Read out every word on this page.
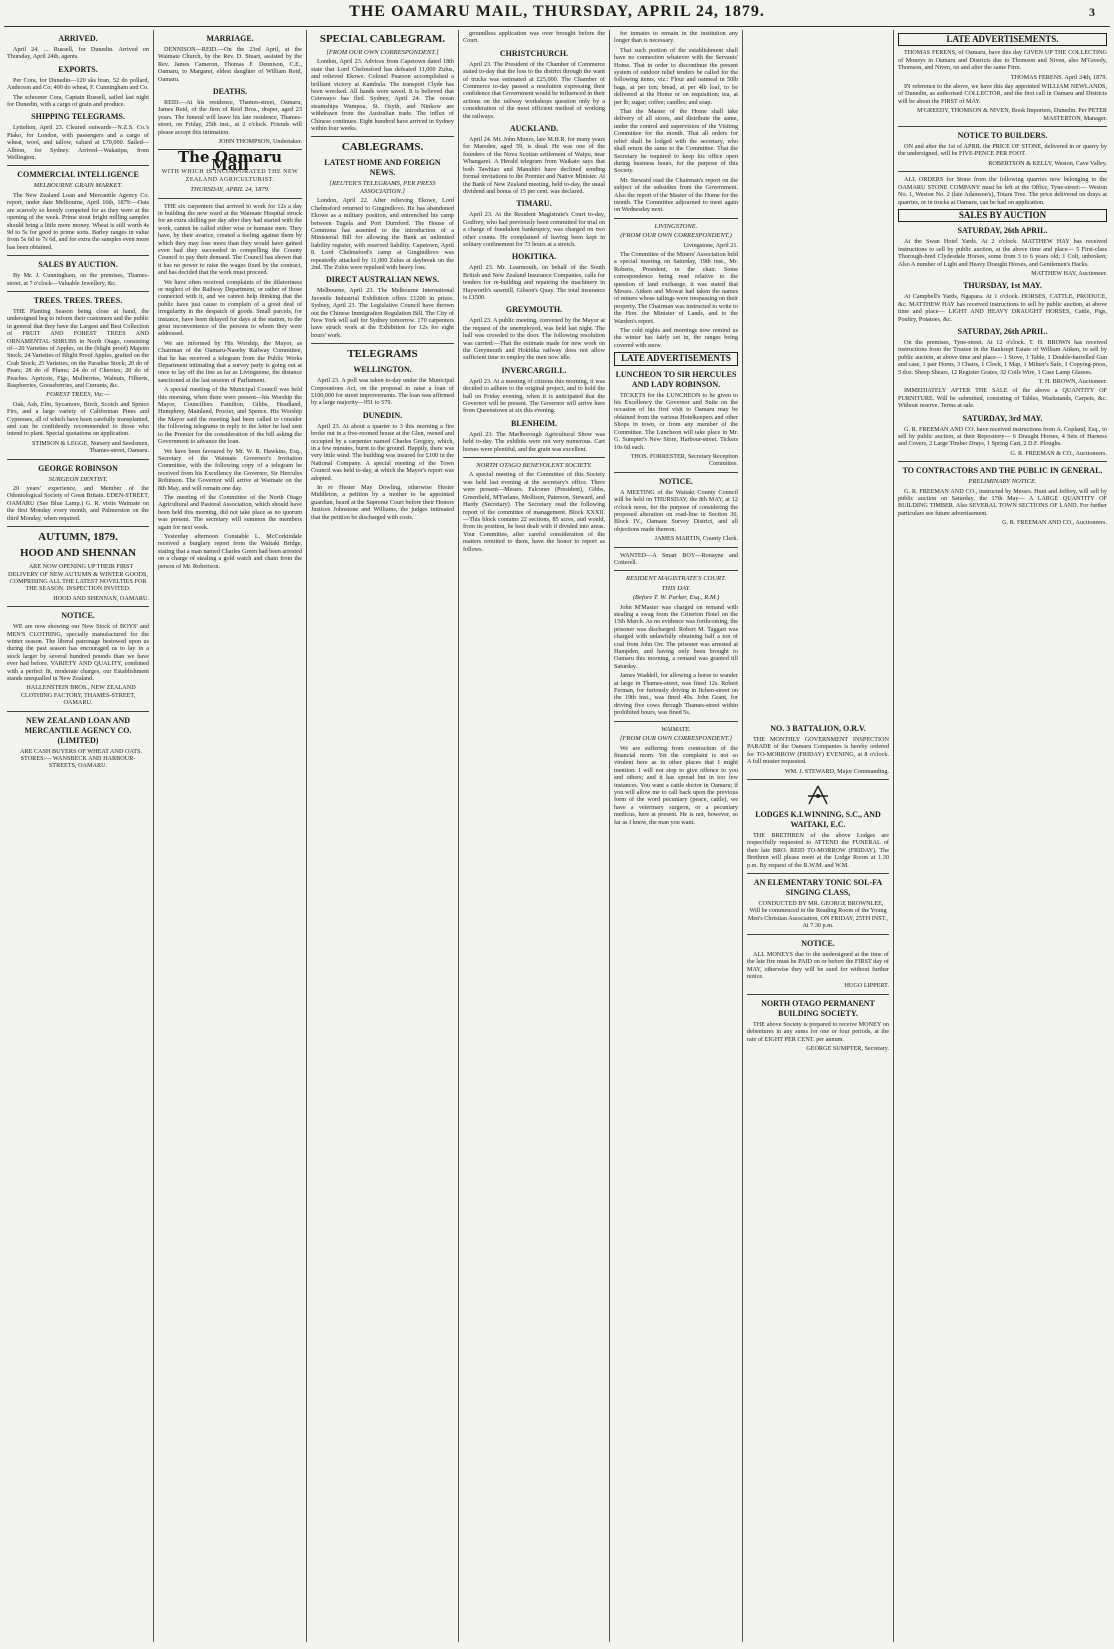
THE OAMARU MAIL, THURSDAY, APRIL 24, 1879.	3
ARRIVED.

April 24. ... Russell, for Dunedin. Arrived on Thursday, April 24th, agents.

EXPORTS.

Per Cora, for Dunedin—120 sks bran, 52 do pollard, Anderson and Co; 400 do wheat, F. Cunningham and Co.

The schooner Cora, Captain Russell, sailed last night for Dunedin, with a cargo of grain and produce.

SHIPPING TELEGRAMS.

Lyttelton, April 23. Cleared outwards—N.Z.S. Co.'s Piako, for London, with passengers and a cargo of wheat, wool, and tallow, valued at £70,000. Sailed—Albion, for Sydney. Arrived—Wakatipu, from Wellington.

COMMERCIAL INTELLIGENCE
MELBOURNE GRAIN MARKET.

The New Zealand Loan and Mercantile Agency Co. report, under date Melbourne, April 16th, 1879:—Oats are scarcely so keenly competed for as they were at the opening of the week. Prime stout bright milling samples should bring a little more money. Wheat is still worth 4s 9d to 5s for good to prime sorts. Barley ranges in value from 5s 6d to 7s 6d, and for extra the samples even more has been obtained.

SALES BY AUCTION.

By Mr. J. Cunningham, on the premises, Thames-street, at 7 o'clock—Valuable Jewellery, &c.

TREES. TREES. TREES.

THE Planting Season being close at hand, the undersigned beg to inform their customers and the public in general that they have the Largest and Best Collection of FRUIT AND FOREST TREES AND ORNAMENTAL SHRUBS in North Otago, consisting of—20 Varieties of Apples, on the (blight proof) Majetin Stock; 24 Varieties of Blight Proof Apples, grafted on the Crab Stock; 25 Varieties, on the Paradise Stock; 20 do of Pears; 28 do of Plums; 24 do of Cherries; 20 do of Peaches. Apricots, Figs, Mulberries, Walnuts, Filberts, Raspberries, Gooseberries, and Currants, &c.

FOREST TREES, Viz:—

Oak, Ash, Elm, Sycamore, Birch, Scotch and Spruce Firs, and a large variety of Californian Pines and Cypresses, all of which have been carefully transplanted, and can be confidently recommended to those who intend to plant. Special quotations on application.

STIMSON & LEGGE, Nursery and Seedsmen, Thames-street, Oamaru.

GEORGE ROBINSON
SURGEON DENTIST.

20 years' experience, and Member of the Odontological Society of Great Britain. EDEN-STREET, OAMARU (See Blue Lamp.) G. R. visits Waimate on the first Monday every month, and Palmerston on the third Monday, when required.

AUTUMN, 1879.
HOOD AND SHENNAN

ARE NOW OPENING UP THEIR FIRST DELIVERY OF NEW AUTUMN & WINTER GOODS, COMPRISING ALL THE LATEST NOVELTIES FOR THE SEASON. INSPECTION INVITED.

HOOD AND SHENNAN, OAMARU.

NOTICE.

WE are now showing our New Stock of BOYS' and MEN'S CLOTHING, specially manufactured for the winter season. The liberal patronage bestowed upon us during the past season has encouraged us to lay in a stock larger by several hundred pounds than we have ever had before. VARIETY AND QUALITY, combined with a perfect fit, moderate charges, our Establishment stands unequalled in New Zealand.

HALLENSTEIN BROS., NEW ZEALAND CLOTHING FACTORY, THAMES-STREET, OAMARU.

NEW ZEALAND LOAN AND MERCANTILE AGENCY CO. (LIMITED)

ARE CASH BUYERS OF WHEAT AND OATS. STORES:— WANSBECK AND HARBOUR-STREETS, OAMARU.

MARRIAGE.

DENNISON—REID.—On the 23rd April, at the Waimate Church, by the Rev. D. Stuart, assisted by the Rev. James Cameron, Thomas F. Dennison, C.E., Oamaru, to Margaret, eldest daughter of William Reid, Oamaru.

DEATHS.

REID.—At his residence, Thames-street, Oamaru, James Reid, of the firm of Reid Bros., draper, aged 23 years. The funeral will leave his late residence, Thames-street, on Friday, 25th inst., at 2 o'clock. Friends will please accept this intimation.

JOHN THOMPSON, Undertaker.

The Oamaru Mail
WITH WHICH IS INCORPORATED THE NEW ZEALAND AGRICULTURIST.
THURSDAY, APRIL 24, 1879.

THE six carpenters that arrived to work for 12s a day in building the new ward at the Waimate Hospital struck for an extra shilling per day after they had started with the work, cannot be called either wise or humane men. They have, by their avarice, created a feeling against them by which they may lose more than they would have gained even had they succeeded in compelling the County Council to pay their demand. The Council has shown that it has no power to raise the wages fixed by the contract, and has decided that the work must proceed.

We have often received complaints of the dilatoriness or neglect of the Railway Department, or rather of those connected with it, and we cannot help thinking that the public have just cause to complain of a great deal of irregularity in the despatch of goods. Small parcels, for instance, have been delayed for days at the station, to the great inconvenience of the persons to whom they were addressed.

We are informed by His Worship, the Mayor, as Chairman of the Oamaru-Naseby Railway Committee, that he has received a telegram from the Public Works Department intimating that a survey party is going out at once to lay off the line as far as Livingstone, the distance sanctioned at the last session of Parliament.

A special meeting of the Municipal Council was held this morning, when there were present—his Worship the Mayor, Councillors Familton, Gibbs, Headland, Humphrey, Mainland, Procter, and Spence. His Worship the Mayor said the meeting had been called to consider the following telegrams in reply to the letter he had sent to the Premier for the consideration of the bill asking the Government to advance the loan.

We have been favoured by Mr. W. R. Hawkins, Esq., Secretary of the Waimate Governor's Invitation Committee, with the following copy of a telegram he received from his Excellency the Governor, Sir Hercules Robinson. The Governor will arrive at Waimate on the 8th May, and will remain one day.

The meeting of the Committee of the North Otago Agricultural and Pastoral Association, which should have been held this morning, did not take place as no quorum was present. The secretary will summon the members again for next week.

Yesterday afternoon Constable L. McCorkindale received a burglary report from the Waitaki Bridge, stating that a man named Charles Green had been arrested on a charge of stealing a gold watch and chain from the person of Mr. Robertson.

SPECIAL CABLEGRAM.
[FROM OUR OWN CORRESPONDENT.]

London, April 23. Advices from Capetown dated 18th state that Lord Chelmsford has defeated 11,000 Zulus, and relieved Ekowe. Colonel Pearson accomplished a brilliant victory at Kambula. The transport Clyde has been wrecked. All hands were saved. It is believed that Cetewayo has fled. Sydney, April 24. The ocean steamships Wampoa, St. Osyth, and Ninkow are withdrawn from the Australian trade. The influx of Chinese continues. Eight hundred have arrived in Sydney within four weeks.

CABLEGRAMS.
LATEST HOME AND FOREIGN NEWS.
[REUTER'S TELEGRAMS, PER PRESS ASSOCIATION.]

London, April 22. After relieving Ekowe, Lord Chelmsford returned to Gingindlovo. He has abandoned Ekowe as a military position, and entrenched his camp between Tugela and Port Durnford. The House of Commons has assented to the introduction of a Ministerial Bill for allowing the Bank an unlimited liability register, with reserved liability. Capetown, April 8. Lord Chelmsford's camp at Gingindlovo was repeatedly attacked by 11,000 Zulus at daybreak on the 2nd. The Zulus were repulsed with heavy loss.

DIRECT AUSTRALIAN NEWS.

Melbourne, April 23. The Melbourne International Juvenile Industrial Exhibition offers £1200 in prizes. Sydney, April 23. The Legislative Council have thrown out the Chinese Immigration Regulation Bill. The City of New York will sail for Sydney tomorrow. 170 carpenters have struck work at the Exhibition for 12s for eight hours' work.

TELEGRAMS
WELLINGTON.

April 23. A poll was taken to-day under the Municipal Corporations Act, on the proposal to raise a loan of £100,000 for street improvements. The loan was affirmed by a large majority—951 to 579.

DUNEDIN.

April 23. At about a quarter to 3 this morning a fire broke out in a five-roomed house at the Glen, owned and occupied by a carpenter named Charles Gregory, which, in a few minutes, burnt to the ground. Happily, there was very little wind. The building was insured for £100 in the National Company. A special meeting of the Town Council was held to-day, at which the Mayor's report was adopted.

In re Hester May Dowling, otherwise Hester Middleton, a petition by a mother to be appointed guardian, heard at the Supreme Court before their Honors Justices Johnstone and Williams, the judges intimated that the petition be discharged with costs.

groundless application was over brought before the Court.

CHRISTCHURCH.

April 23. The President of the Chamber of Commerce stated to-day that the loss to the district through the want of trucks was estimated at £25,000. The Chamber of Commerce to-day passed a resolution expressing their confidence that Government would be influenced in their actions on the railway workshops question only by a consideration of the most efficient method of working the railways.

AUCKLAND.

April 24. Mr. John Munro, late M.H.R. for many years for Marsden, aged 59, is dead. He was one of the founders of the Nova Scotian settlement of Waipu, near Whangarei. A Herald telegram from Waikato says that both Tawhiao and Manuhiri have declined sending formal invitations to the Premier and Native Minister. At the Bank of New Zealand meeting, held to-day, the usual dividend and bonus of 15 per cent. was declared.

TIMARU.

April 23. At the Resident Magistrate's Court to-day, Godfrey, who had previously been committed for trial on a charge of fraudulent bankruptcy, was charged on two other counts. He complained of having been kept in solitary confinement for 73 hours at a stretch.

HOKITIKA.

April 23. Mr. Learmouth, on behalf of the South British and New Zealand Insurance Companies, calls for tenders for re-building and repairing the machinery in Hayworth's sawmill, Gibson's Quay. The total insurance is £1500.

GREYMOUTH.

April 23. A public meeting, convened by the Mayor at the request of the unemployed, was held last night. The hall was crowded to the door. The following resolution was carried:—That the estimate made for new work on the Greymouth and Hokitika railway does not allow sufficient time to employ the men now idle.

INVERCARGILL.

April 23. At a meeting of citizens this morning, it was decided to adhere to the original project, and to hold the ball on Friday evening, when it is anticipated that the Governor will be present. The Governor will arrive here from Queenstown at six this evening.

BLENHEIM.

April 23. The Marlborough Agricultural Show was held to-day. The exhibits were not very numerous. Cart horses were plentiful, and the grain was excellent.

NORTH OTAGO BENEVOLENT SOCIETY.

A special meeting of the Committee of this Society was held last evening at the secretary's office. There were present—Messrs. Falconer (President), Gibbs, Greenfield, M'Farlane, Mollison, Paterson, Steward, and Hardy (Secretary). The Secretary read the following report of the committee of management. Block XXXII.—This block contains 22 sections, 85 acres, and would, from its position, be best dealt with if divided into areas. Your Committee, after careful consideration of the matters remitted to them, have the honor to report as follows.

for inmates to remain in the institution any longer than is necessary.

That such portion of the establishment shall have no connection whatever with the Servants' Home. That in order to discontinue the present system of outdoor relief tenders be called for the following items, viz.: Flour and oatmeal in 50lb bags, at per ton; bread, at per 4lb loaf, to be delivered at the Home or on requisition; tea, at per lb; sugar; coffee; candles; and soap.

That the Master of the Home shall take delivery of all stores, and distribute the same, under the control and supervision of the Visiting Committee for the month. That all orders for relief shall be lodged with the secretary, who shall return the same to the Committee. That the Secretary be required to keep his office open during business hours, for the purpose of this Society.

Mr. Steward read the Chairman's report on the subject of the subsidies from the Government. Also the report of the Master of the Home for the month. The Committee adjourned to meet again on Wednesday next.

LIVINGSTONE.
(FROM OUR OWN CORRESPONDENT.)

Livingstone, April 21.

The Committee of the Miners' Association held a special meeting on Saturday, 19th inst., Mr. Roberts, President, in the chair. Some correspondence being read relative to the question of land exchange, it was stated that Messrs. Aitken and Mowat had taken the names of miners whose tailings were trespassing on their property. The Chairman was instructed to write to the Hon. the Minister of Lands, and to the Warden's report.

The cold nights and mornings now remind us the winter has fairly set in, the ranges being covered with snow.

LATE ADVERTISEMENTS
LUNCHEON TO SIR HERCULES AND LADY ROBINSON.

TICKETS for the LUNCHEON to be given to his Excellency the Governor and Suite on the occasion of his first visit to Oamaru may be obtained from the various Hotelkeepers and other Shops in town, or from any member of the Committee. The Luncheon will take place in Mr. G. Sumpter's New Store, Harbour-street. Tickets 10s 6d each.

THOS. FORRESTER, Secretary Reception Committee.

NOTICE.

A MEETING of the Waitaki County Council will be held on THURSDAY, the 8th MAY, at 12 o'clock noon, for the purpose of considering the proposed alteration on road-line in Section 30, Block IV., Oamaru Survey District, and all objections made thereon.

JAMES MARTIN, County Clerk.

WANTED—A Smart BOY—Ronayne and Cotterell.

RESIDENT MAGISTRATE'S COURT.
THIS DAY.
(Before T. W. Parker, Esq., R.M.)

John M'Master was charged on remand with stealing a swag from the Criterion Hotel on the 15th March. As no evidence was forthcoming, the prisoner was discharged. Robert M. Taggart was charged with unlawfully obtaining half a ton of coal from John Orr. The prisoner was arrested at Hampden, and having only been brought to Oamaru this morning, a remand was granted till Saturday.

James Waddell, for allowing a horse to wander at large in Thames-street, was fined 12s. Robert Ferman, for furiously driving in Itchen-street on the 19th inst., was fined 40s. John Grant, for driving five cows through Thames-street within prohibited hours, was fined 5s.

WAIMATE.
[FROM OUR OWN CORRESPONDENT.]

We are suffering from contraction of the financial morn. Yet the complaint is not so virulent here as in other places that I might mention. I will not stop to give offence to you and others; and it has spread but in too few instances. You want a cattle doctor in Oamaru; if you will allow me to call back upon the previous form of the word pecuniary (peace, cattle), we have a veterinary surgeon, or a pecuniary medicus, here at present. He is not, however, so far as I know, the man you want.

NO. 3 BATTALION, O.R.V.

THE MONTHLY GOVERNMENT INSPECTION PARADE of the Oamaru Companies is hereby ordered for TO-MORROW (FRIDAY) EVENING, at 8 o'clock. A full muster requested.

WM. J. STEWARD, Major Commanding.

LODGES K.I.WINNING, S.C., AND WAITAKI, E.C.

THE BRETHREN of the above Lodges are respectfully requested to ATTEND the FUNERAL of their late BRO. REID TO-MORROW (FRIDAY). The Brethren will please meet at the Lodge Room at 1.30 p.m. By request of the R.W.M. and W.M.

AN ELEMENTARY TONIC SOL-FA SINGING CLASS,

CONDUCTED BY MR. GEORGE BROWNLEE, Will be commenced in the Reading Room of the Young Men's Christian Association, ON FRIDAY, 25TH INST., At 7.30 p.m.

NOTICE.

ALL MONEYS due to the undersigned at the time of the late fire must be PAID on or before the FIRST day of MAY, otherwise they will be sued for without further notice.

HUGO LIPPERT.

NORTH OTAGO PERMANENT BUILDING SOCIETY.

THE above Society is prepared to receive MONEY on debentures in any sums for one or four periods, at the rate of EIGHT PER CENT. per annum.

GEORGE SUMPTER, Secretary.

LATE ADVERTISEMENTS.

THOMAS FERENS, of Oamaru, have this day GIVEN UP THE COLLECTING of Moneys in Oamaru and Districts due to Thomson and Niven, also M'Greedy, Thomson, and Niven, on and after the same Firm.

THOMAS FERENS. April 24th, 1879.

IN reference to the above, we have this day appointed WILLIAM NEWLANDS, of Dunedin, as authorised COLLECTOR, and the first call in Oamaru and Districts will be about the FIRST of MAY.

M'GREEDY, THOMSON & NIVEN, Book Importers, Dunedin. Per PETER MASTERTON, Manager.

NOTICE TO BUILDERS.

ON and after the 1st of APRIL the PRICE OF STONE, delivered in or quarry by the undersigned, will be FIVE-PENCE PER FOOT.

ROBERTSON & KELLY, Weston, Cave Valley.

ALL ORDERS for Stone from the following quarries now belonging to the OAMARU STONE COMPANY must be left at the Office, Tyne-street:— Weston No. 1, Weston No. 2 (late Adamson's), Totara Tree. The price delivered on drays at quarries, or in trucks at Oamaru, can be had on application.

SALES BY AUCTION
SATURDAY, 26th APRIL.

At the Swan Hotel Yards. At 2 o'clock. MATTHEW HAY has received instructions to sell by public auction, at the above time and place— 5 First-class Thorough-bred Clydesdale Horses, some from 3 to 6 years old; 1 Colt, unbroken; Also A number of Light and Heavy Draught Horses, and Gentlemen's Hacks.

MATTHEW HAY, Auctioneer.

THURSDAY, 1st MAY.

At Campbell's Yards, Ngapara. At 1 o'clock. HORSES, CATTLE, PRODUCE, &c. MATTHEW HAY has received instructions to sell by public auction, at above time and place— LIGHT AND HEAVY DRAUGHT HORSES, Cattle, Pigs, Poultry, Potatoes, &c.

SATURDAY, 26th APRIL.

On the premises, Tyne-street. At 12 o'clock. T. H. BROWN has received instructions from the Trustee in the Bankrupt Estate of William Aitken, to sell by public auction, at above time and place— 1 Stove, 1 Table, 1 Double-barrelled Gun and case, 1 pair Horns, 3 Chairs, 1 Clock, 1 Map, 1 Milner's Safe, 1 Copying-press, 5 doz. Sheep Shears, 12 Register Grates, 32 Coils Wire, 1 Case Lamp Glasses.

T. H. BROWN, Auctioneer.

IMMEDIATELY AFTER THE SALE of the above a QUANTITY OF FURNITURE. Will be submitted, consisting of Tables, Washstands, Carpets, &c. Without reserve. Terms at sale.

SATURDAY, 3rd MAY.

G. R. FREEMAN AND CO. have received instructions from A. Copland, Esq., to sell by public auction, at their Repository— 6 Draught Horses, 4 Sets of Harness and Covers, 2 Large Timber Drays, 1 Spring Cart, 2 D.F. Ploughs.

G. R. FREEMAN & CO., Auctioneers.

TO CONTRACTORS AND THE PUBLIC IN GENERAL.
PRELIMINARY NOTICE.

G. R. FREEMAN AND CO., instructed by Messrs. Hunt and Jeffrey, will sell by public auction on Saturday, the 17th May— A LARGE QUANTITY OF BUILDING TIMBER. Also SEVERAL TOWN SECTIONS OF LAND. For further particulars see future advertisement.

G. R. FREEMAN AND CO., Auctioneers.
